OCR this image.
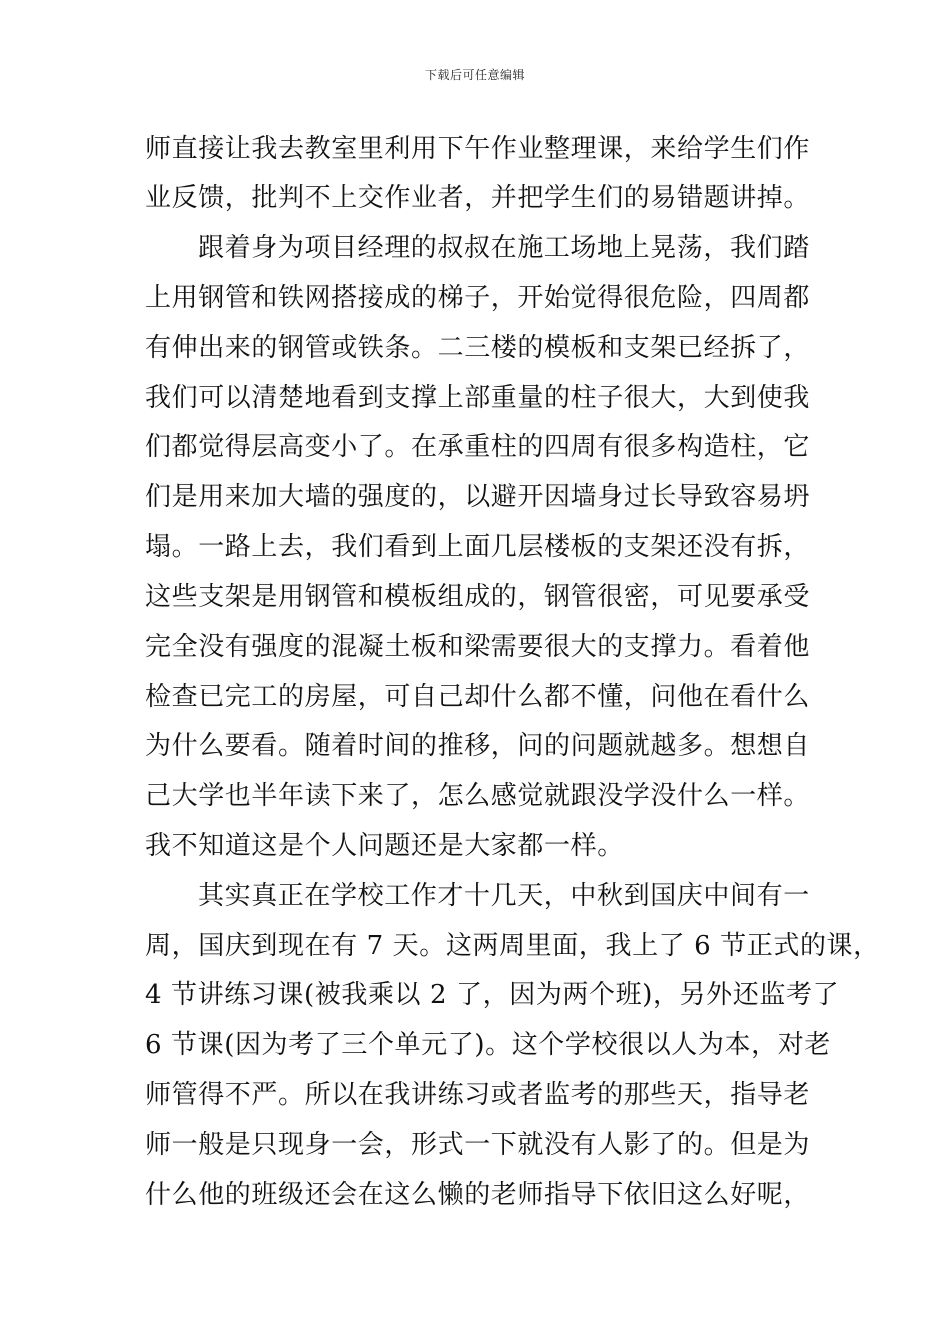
下载后可任意编辑
师直接让我去教室里利用下午作业整理课，来给学生们作
业反馈，批判不上交作业者，并把学生们的易错题讲掉。
跟着身为项目经理的叔叔在施工场地上晃荡，我们踏
上用钢管和铁网搭接成的梯子，开始觉得很危险，四周都
有伸出来的钢管或铁条。二三楼的模板和支架已经拆了，
我们可以清楚地看到支撑上部重量的柱子很大，大到使我
们都觉得层高变小了。在承重柱的四周有很多构造柱，它
们是用来加大墙的强度的，以避开因墙身过长导致容易坍
塌。一路上去，我们看到上面几层楼板的支架还没有拆，
这些支架是用钢管和模板组成的，钢管很密，可见要承受
完全没有强度的混凝土板和梁需要很大的支撑力。看着他
检查已完工的房屋，可自己却什么都不懂，问他在看什么
为什么要看。随着时间的推移，问的问题就越多。想想自
己大学也半年读下来了，怎么感觉就跟没学没什么一样。
我不知道这是个人问题还是大家都一样。
其实真正在学校工作才十几天，中秋到国庆中间有一
周，国庆到现在有 7 天。这两周里面，我上了 6 节正式的课，
4 节讲练习课(被我乘以 2 了，因为两个班)，另外还监考了
6 节课(因为考了三个单元了)。这个学校很以人为本，对老
师管得不严。所以在我讲练习或者监考的那些天，指导老
师一般是只现身一会，形式一下就没有人影了的。但是为
什么他的班级还会在这么懒的老师指导下依旧这么好呢，
